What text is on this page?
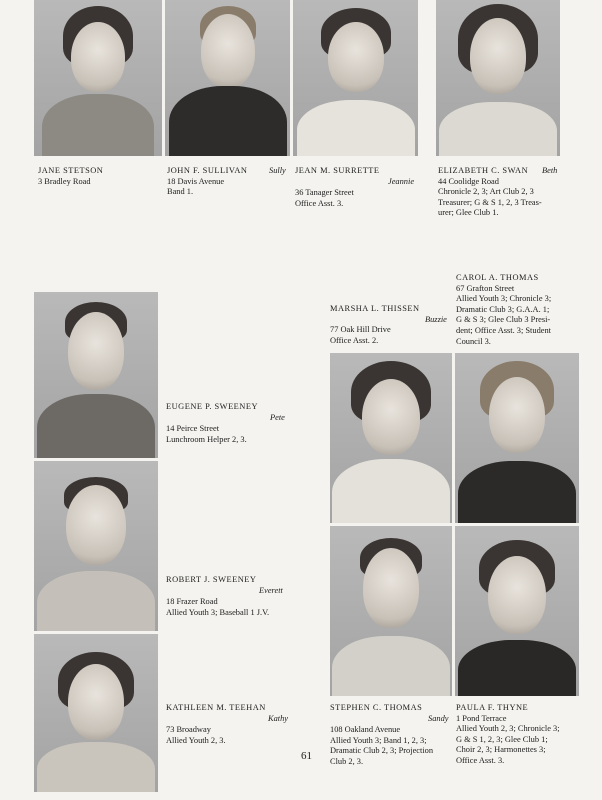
JANE STETSON
3 Bradley Road
JOHN F. SULLIVAN
18 Davis Avenue
Band 1.
Sully JEAN M. SURRETTE
Jeannie
36 Tanager Street
Office Asst. 3.
ELIZABETH C. SWAN
44 Coolidge Road
Chronicle 2, 3; Art Club 2, 3
Treasurer; G & S 1, 2, 3 Treas-
urer; Glee Club 1.
Beth
CAROL A. THOMAS
67 Grafton Street
Allied Youth 3; Chronicle 3;
Dramatic Club 3; G.A.A. 1;
G & S 3; Glee Club 3 Presi-
dent; Office Asst. 3; Student
Council 3.
MARSHA L. THISSEN
Buzzie
77 Oak Hill Drive
Office Asst. 2.
EUGENE P. SWEENEY
Pete
14 Peirce Street
Lunchroom Helper 2, 3.
ROBERT J. SWEENEY
Everett
18 Frazer Road
Allied Youth 3; Baseball 1 J.V.
KATHLEEN M. TEEHAN
Kathy
73 Broadway
Allied Youth 2, 3.
STEPHEN C. THOMAS
Sandy
108 Oakland Avenue
Allied Youth 3; Band 1, 2, 3;
Dramatic Club 2, 3; Projection
Club 2, 3.
PAULA F. THYNE
1 Pond Terrace
Allied Youth 2, 3; Chronicle 3;
G & S 1, 2, 3; Glee Club 1;
Choir 2, 3; Harmonettes 3;
Office Asst. 3.
61
